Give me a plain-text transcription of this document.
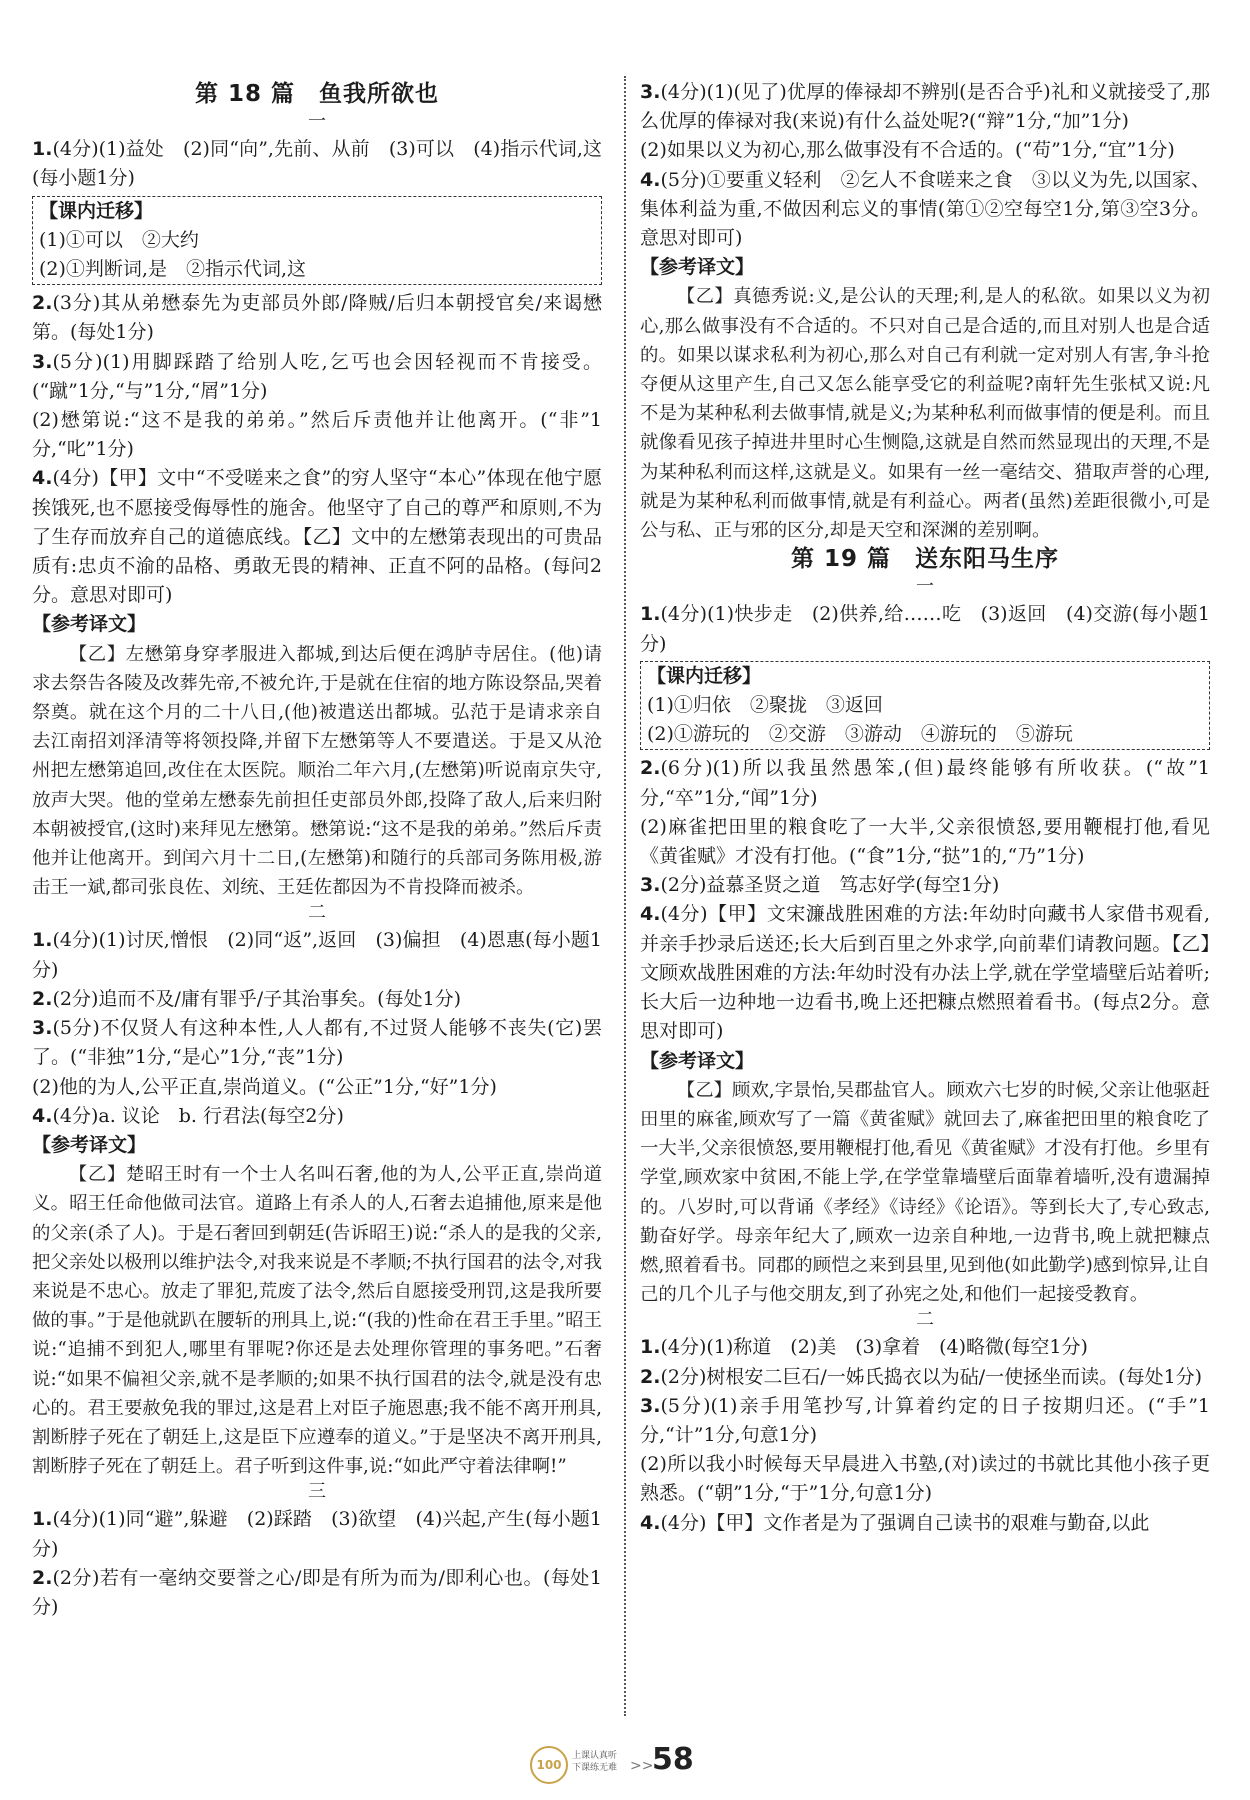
第 18 篇　鱼我所欲也
一

1.(4分)(1)益处　(2)同“向”,先前、从前　(3)可以　(4)指示代词,这(每小题1分)

【课内迁移】
(1)①可以　②大约
(2)①判断词,是　②指示代词,这

2.(3分)其从弟懋泰先为吏部员外郎/降贼/后归本朝授官矣/来谒懋第。(每处1分)

3.(5分)(1)用脚踩踏了给别人吃,乞丐也会因轻视而不肯接受。(“蹴”1分,“与”1分,“屑”1分)

(2)懋第说:“这不是我的弟弟。”然后斥责他并让他离开。(“非”1分,“叱”1分)

4.(4分)【甲】文中“不受嗟来之食”的穷人坚守“本心”体现在他宁愿挨饿死,也不愿接受侮辱性的施舍。他坚守了自己的尊严和原则,不为了生存而放弃自己的道德底线。【乙】文中的左懋第表现出的可贵品质有:忠贞不渝的品格、勇敢无畏的精神、正直不阿的品格。(每问2分。意思对即可)

【参考译文】

【乙】左懋第身穿孝服进入都城,到达后便在鸿胪寺居住。(他)请求去祭告各陵及改葬先帝,不被允许,于是就在住宿的地方陈设祭品,哭着祭奠。就在这个月的二十八日,(他)被遣送出都城。弘范于是请求亲自去江南招刘泽清等将领投降,并留下左懋第等人不要遣送。于是又从沧州把左懋第追回,改住在太医院。顺治二年六月,(左懋第)听说南京失守,放声大哭。他的堂弟左懋泰先前担任吏部员外郎,投降了敌人,后来归附本朝被授官,(这时)来拜见左懋第。懋第说:“这不是我的弟弟。”然后斥责他并让他离开。到闰六月十二日,(左懋第)和随行的兵部司务陈用极,游击王一斌,都司张良佐、刘统、王廷佐都因为不肯投降而被杀。

二

1.(4分)(1)讨厌,憎恨　(2)同“返”,返回　(3)偏担　(4)恩惠(每小题1分)

2.(2分)追而不及/庸有罪乎/子其治事矣。(每处1分)

3.(5分)不仅贤人有这种本性,人人都有,不过贤人能够不丧失(它)罢了。(“非独”1分,“是心”1分,“丧”1分)

(2)他的为人,公平正直,崇尚道义。(“公正”1分,“好”1分)

4.(4分)a. 议论　b. 行君法(每空2分)

【参考译文】

【乙】楚昭王时有一个士人名叫石奢,他的为人,公平正直,崇尚道义。昭王任命他做司法官。道路上有杀人的人,石奢去追捕他,原来是他的父亲(杀了人)。于是石奢回到朝廷(告诉昭王)说:“杀人的是我的父亲,把父亲处以极刑以维护法令,对我来说是不孝顺;不执行国君的法令,对我来说是不忠心。放走了罪犯,荒废了法令,然后自愿接受刑罚,这是我所要做的事。”于是他就趴在腰斩的刑具上,说:“(我的)性命在君王手里。”昭王说:“追捕不到犯人,哪里有罪呢?你还是去处理你管理的事务吧。”石奢说:“如果不偏袒父亲,就不是孝顺的;如果不执行国君的法令,就是没有忠心的。君王要赦免我的罪过,这是君上对臣子施恩惠;我不能不离开刑具,割断脖子死在了朝廷上,这是臣下应遵奉的道义。”于是坚决不离开刑具,割断脖子死在了朝廷上。君子听到这件事,说:“如此严守着法律啊!”

三

1.(4分)(1)同“避”,躲避　(2)踩踏　(3)欲望　(4)兴起,产生(每小题1分)

2.(2分)若有一毫纳交要誉之心/即是有所为而为/即利心也。(每处1分)

3.(4分)(1)(见了)优厚的俸禄却不辨别(是否合乎)礼和义就接受了,那么优厚的俸禄对我(来说)有什么益处呢?(“辩”1分,“加”1分)

(2)如果以义为初心,那么做事没有不合适的。(“苟”1分,“宜”1分)

4.(5分)①要重义轻利　②乞人不食嗟来之食　③以义为先,以国家、集体利益为重,不做因利忘义的事情(第①②空每空1分,第③空3分。意思对即可)

【参考译文】

【乙】真德秀说:义,是公认的天理;利,是人的私欲。如果以义为初心,那么做事没有不合适的。不只对自己是合适的,而且对别人也是合适的。如果以谋求私利为初心,那么对自己有利就一定对别人有害,争斗抢夺便从这里产生,自己又怎么能享受它的利益呢?南轩先生张栻又说:凡不是为某种私利去做事情,就是义;为某种私利而做事情的便是利。而且就像看见孩子掉进井里时心生恻隐,这就是自然而然显现出的天理,不是为某种私利而这样,这就是义。如果有一丝一毫结交、猎取声誉的心理,就是为某种私利而做事情,就是有利益心。两者(虽然)差距很微小,可是公与私、正与邪的区分,却是天空和深渊的差别啊。

第 19 篇　送东阳马生序
一

1.(4分)(1)快步走　(2)供养,给……吃　(3)返回　(4)交游(每小题1分)

【课内迁移】
(1)①归依　②聚拢　③返回
(2)①游玩的　②交游　③游动　④游玩的　⑤游玩

2.(6分)(1)所以我虽然愚笨,(但)最终能够有所收获。(“故”1分,“卒”1分,“闻”1分)

(2)麻雀把田里的粮食吃了一大半,父亲很愤怒,要用鞭棍打他,看见《黄雀赋》才没有打他。(“食”1分,“挞”1的,“乃”1分)

3.(2分)益慕圣贤之道　笃志好学(每空1分)

4.(4分)【甲】文宋濂战胜困难的方法:年幼时向藏书人家借书观看,并亲手抄录后送还;长大后到百里之外求学,向前辈们请教问题。【乙】文顾欢战胜困难的方法:年幼时没有办法上学,就在学堂墙壁后站着听;长大后一边种地一边看书,晚上还把糠点燃照着看书。(每点2分。意思对即可)

【参考译文】

【乙】顾欢,字景怡,吴郡盐官人。顾欢六七岁的时候,父亲让他驱赶田里的麻雀,顾欢写了一篇《黄雀赋》就回去了,麻雀把田里的粮食吃了一大半,父亲很愤怒,要用鞭棍打他,看见《黄雀赋》才没有打他。乡里有学堂,顾欢家中贫困,不能上学,在学堂靠墙壁后面靠着墙听,没有遗漏掉的。八岁时,可以背诵《孝经》《诗经》《论语》。等到长大了,专心致志,勤奋好学。母亲年纪大了,顾欢一边亲自种地,一边背书,晚上就把糠点燃,照着看书。同郡的顾恺之来到县里,见到他(如此勤学)感到惊异,让自己的几个儿子与他交朋友,到了孙宪之处,和他们一起接受教育。

二

1.(4分)(1)称道　(2)美　(3)拿着　(4)略微(每空1分)

2.(2分)树根安二巨石/一姊氏捣衣以为砧/一使拯坐而读。(每处1分)

3.(5分)(1)亲手用笔抄写,计算着约定的日子按期归还。(“手”1分,“计”1分,句意1分)

(2)所以我小时候每天早晨进入书塾,(对)读过的书就比其他小孩子更熟悉。(“朝”1分,“于”1分,句意1分)

4.(4分)【甲】文作者是为了强调自己读书的艰难与勤奋,以此

100
上课认真听
下课练无难 >>
58
